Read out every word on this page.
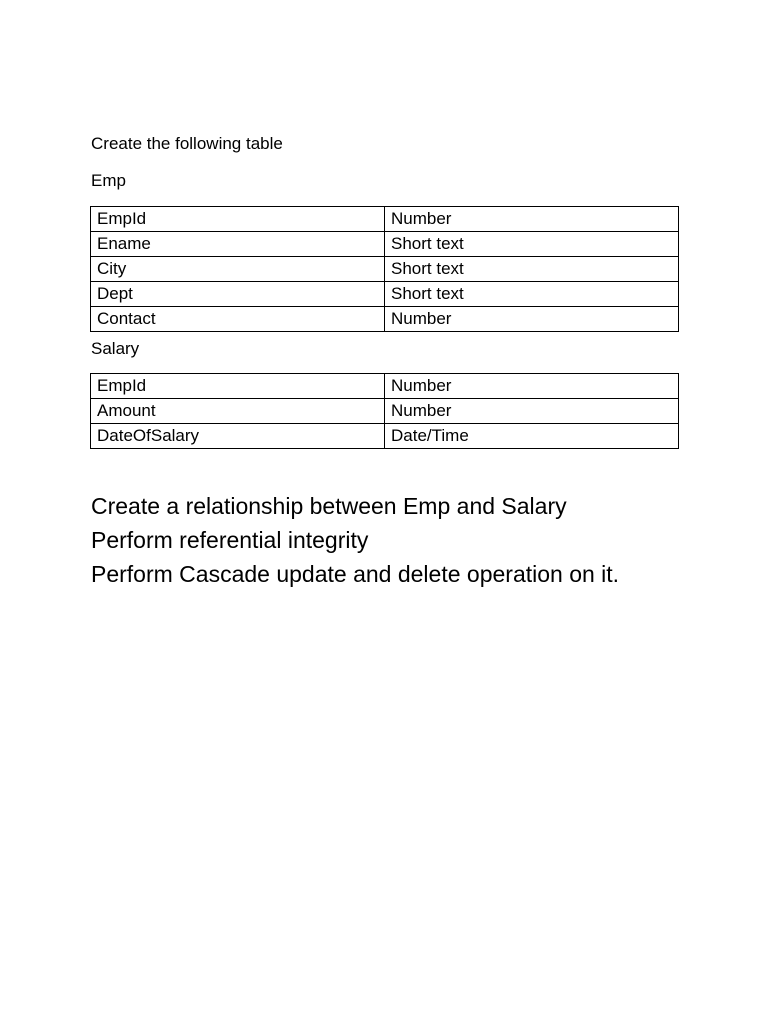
Create the following table
Emp
EmpId	Number
Ename	Short text
City	Short text
Dept	Short text
Contact	Number
Salary
EmpId	Number
Amount	Number
DateOfSalary	Date/Time
Create a relationship between Emp and Salary
Perform referential integrity
Perform Cascade update and delete operation on it.
